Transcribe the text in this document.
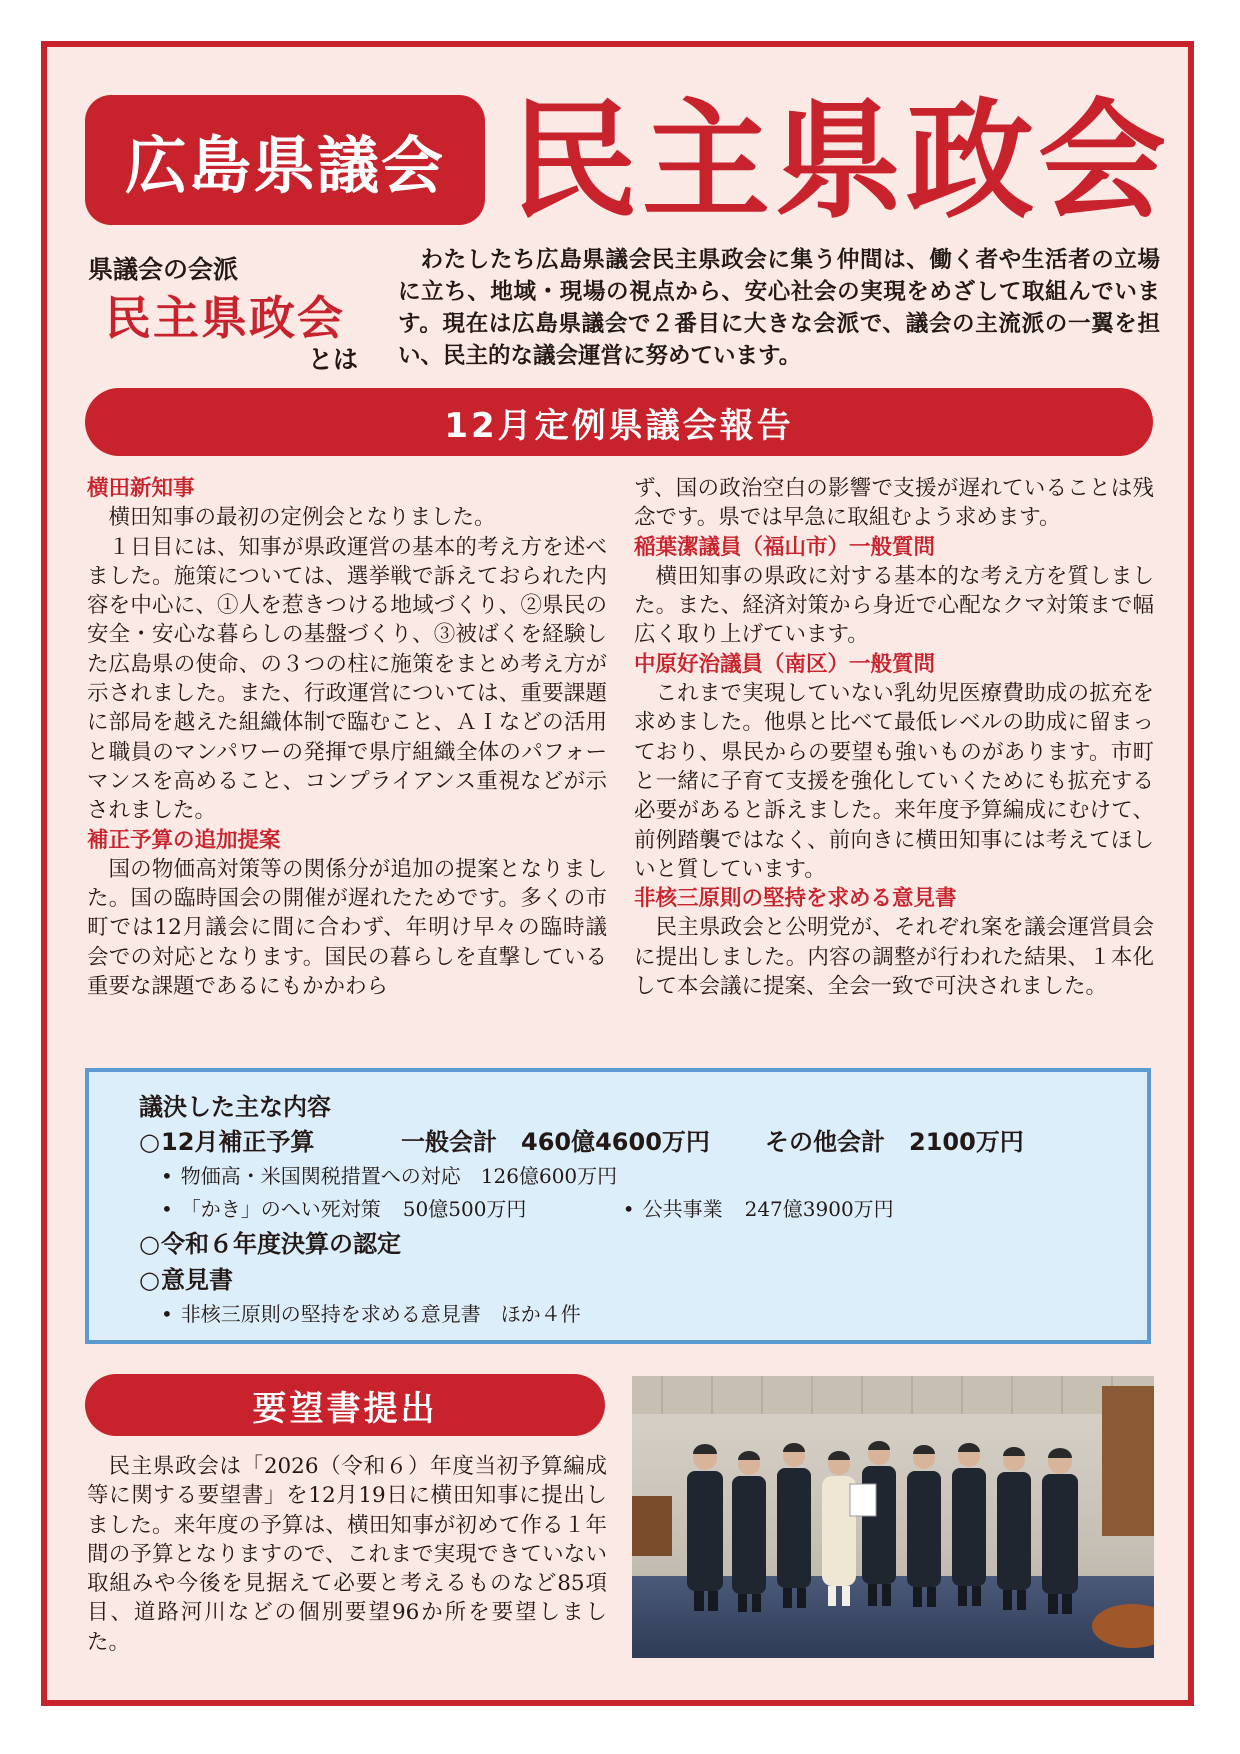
広島県議会 民主県政会
県議会の会派
民主県政会
とは

わたしたち広島県議会民主県政会に集う仲間は、働く者や生活者の立場に立ち、地域・現場の視点から、安心社会の実現をめざして取組んでいます。現在は広島県議会で２番目に大きな会派で、議会の主流派の一翼を担い、民主的な議会運営に努めています。

12月定例県議会報告
横田新知事

横田知事の最初の定例会となりました。

１日目には、知事が県政運営の基本的考え方を述べました。施策については、選挙戦で訴えておられた内容を中心に、①人を惹きつける地域づくり、②県民の安全・安心な暮らしの基盤づくり、③被ばくを経験した広島県の使命、の３つの柱に施策をまとめ考え方が示されました。また、行政運営については、重要課題に部局を越えた組織体制で臨むこと、ＡＩなどの活用と職員のマンパワーの発揮で県庁組織全体のパフォーマンスを高めること、コンプライアンス重視などが示されました。

補正予算の追加提案

国の物価高対策等の関係分が追加の提案となりました。国の臨時国会の開催が遅れたためです。多くの市町では12月議会に間に合わず、年明け早々の臨時議会での対応となります。国民の暮らしを直撃している重要な課題であるにもかかわら

ず、国の政治空白の影響で支援が遅れていることは残念です。県では早急に取組むよう求めます。

稲葉潔議員（福山市）一般質問

横田知事の県政に対する基本的な考え方を質しました。また、経済対策から身近で心配なクマ対策まで幅広く取り上げています。

中原好治議員（南区）一般質問

これまで実現していない乳幼児医療費助成の拡充を求めました。他県と比べて最低レベルの助成に留まっており、県民からの要望も強いものがあります。市町と一緒に子育て支援を強化していくためにも拡充する必要があると訴えました。来年度予算編成にむけて、前例踏襲ではなく、前向きに横田知事には考えてほしいと質しています。

非核三原則の堅持を求める意見書

民主県政会と公明党が、それぞれ案を議会運営員会に提出しました。内容の調整が行われた結果、１本化して本会議に提案、全会一致で可決されました。

議決した主な内容
○ 12月補正予算	一般会計 460億4600万円	その他会計 2100万円
• 物価高・米国関税措置への対応 126億600万円
• 「かき」のへい死対策 50億500万円	• 公共事業 247億3900万円
○ 令和６年度決算の認定
○ 意見書
• 非核三原則の堅持を求める意見書　ほか４件
要望書提出

民主県政会は「2026（令和６）年度当初予算編成等に関する要望書」を12月19日に横田知事に提出しました。来年度の予算は、横田知事が初めて作る１年間の予算となりますので、これまで実現できていない取組みや今後を見据えて必要と考えるものなど85項目、道路河川などの個別要望96か所を要望しました。
